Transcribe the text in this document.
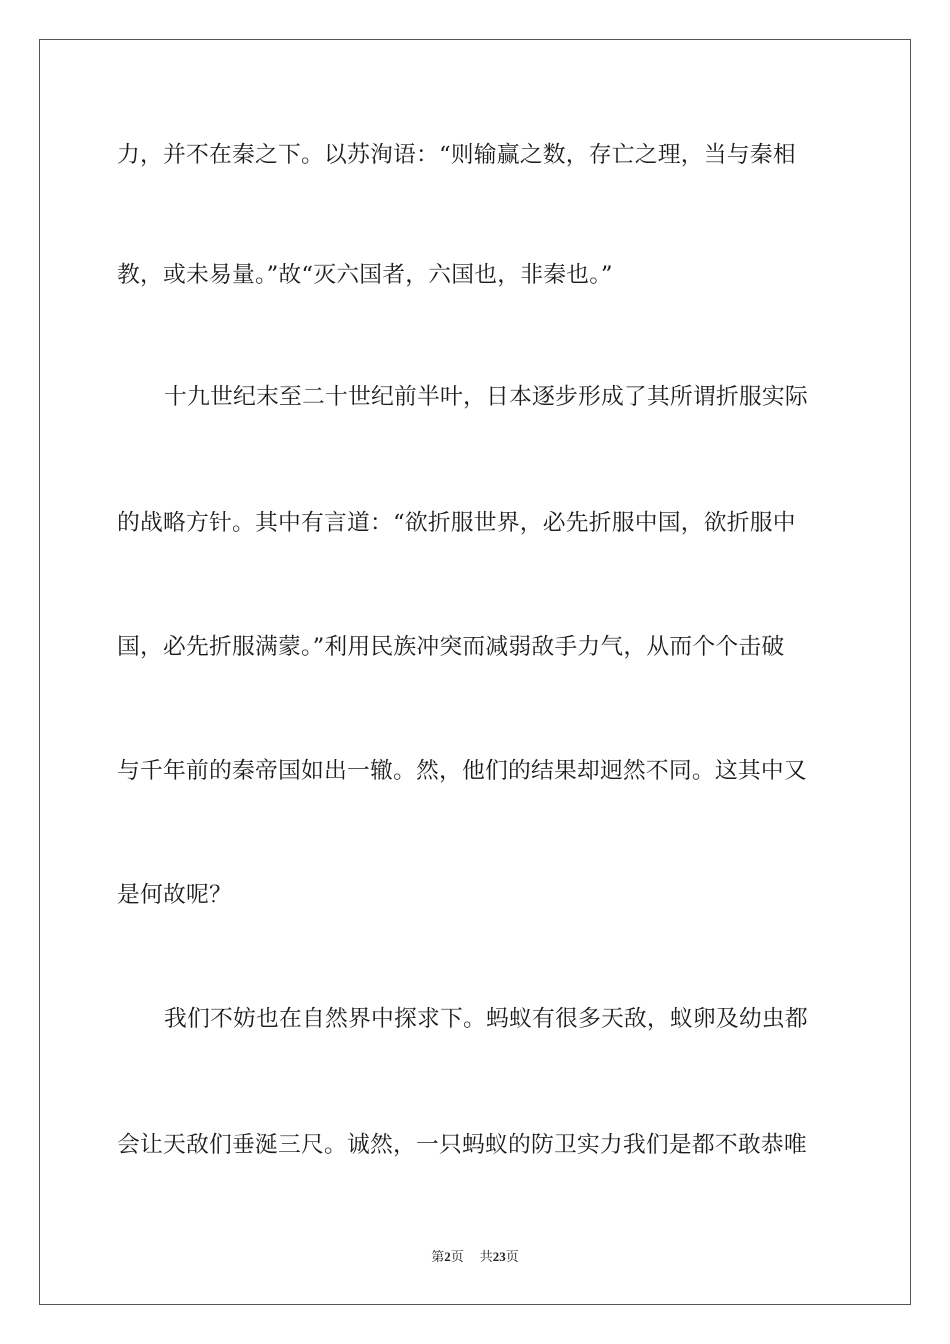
力，并不在秦之下。以苏洵语：“则输赢之数，存亡之理，当与秦相
教，或未易量。”故“灭六国者，六国也，非秦也。”
十九世纪末至二十世纪前半叶，日本逐步形成了其所谓折服实际
的战略方针。其中有言道：“欲折服世界，必先折服中国，欲折服中
国，必先折服满蒙。”利用民族冲突而减弱敌手力气，从而个个击破
与千年前的秦帝国如出一辙。然，他们的结果却迥然不同。这其中又
是何故呢？
我们不妨也在自然界中探求下。蚂蚁有很多天敌，蚁卵及幼虫都
会让天敌们垂涎三尺。诚然，一只蚂蚁的防卫实力我们是都不敢恭唯
第2页 共23页
